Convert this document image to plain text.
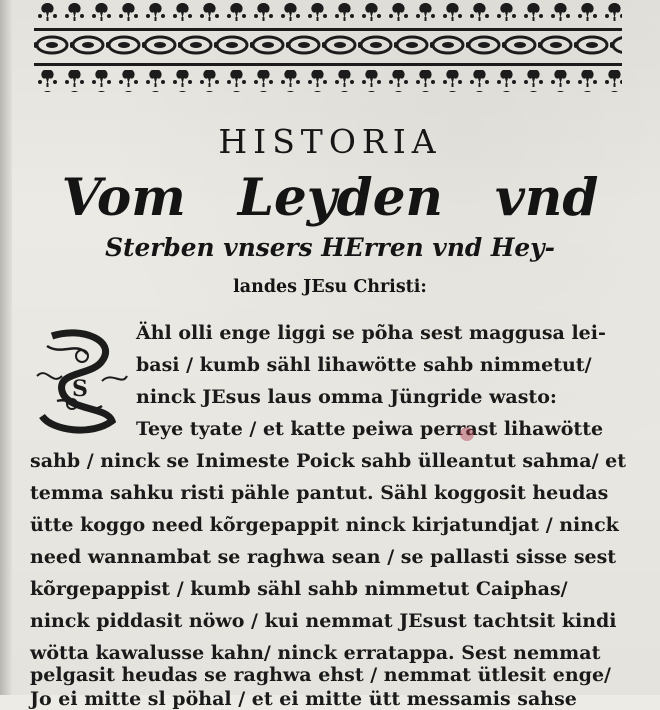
HISTORIA
Vom Leyden vnd
Sterben vnsers HErren vnd Hey-
landes JEsu Christi:
S
Ähl olli enge liggi se põha sest maggusa lei-
basi / kumb sähl lihawötte sahb nimmetut/
ninck JEsus laus omma Jüngride wasto:
Teye tyate / et katte peiwa perrast lihawötte
sahb / ninck se Inimeste Poick sahb ülleantut sahma/ et
temma sahku risti pähle pantut. Sähl koggosit heudas
ütte koggo need kõrgepappit ninck kirjatundjat / ninck
need wannambat se raghwa sean / se pallasti sisse sest
kõrgepappist / kumb sähl sahb nimmetut Caiphas/
ninck piddasit nöwo / kui nemmat JEsust tachtsit kindi
wötta kawalusse kahn/ ninck erratappa. Sest nemmat
pelgasit heudas se raghwa ehst / nemmat ütlesit enge/
Jo ei mitte sl pöhal / et ei mitte ütt messamis sahse
